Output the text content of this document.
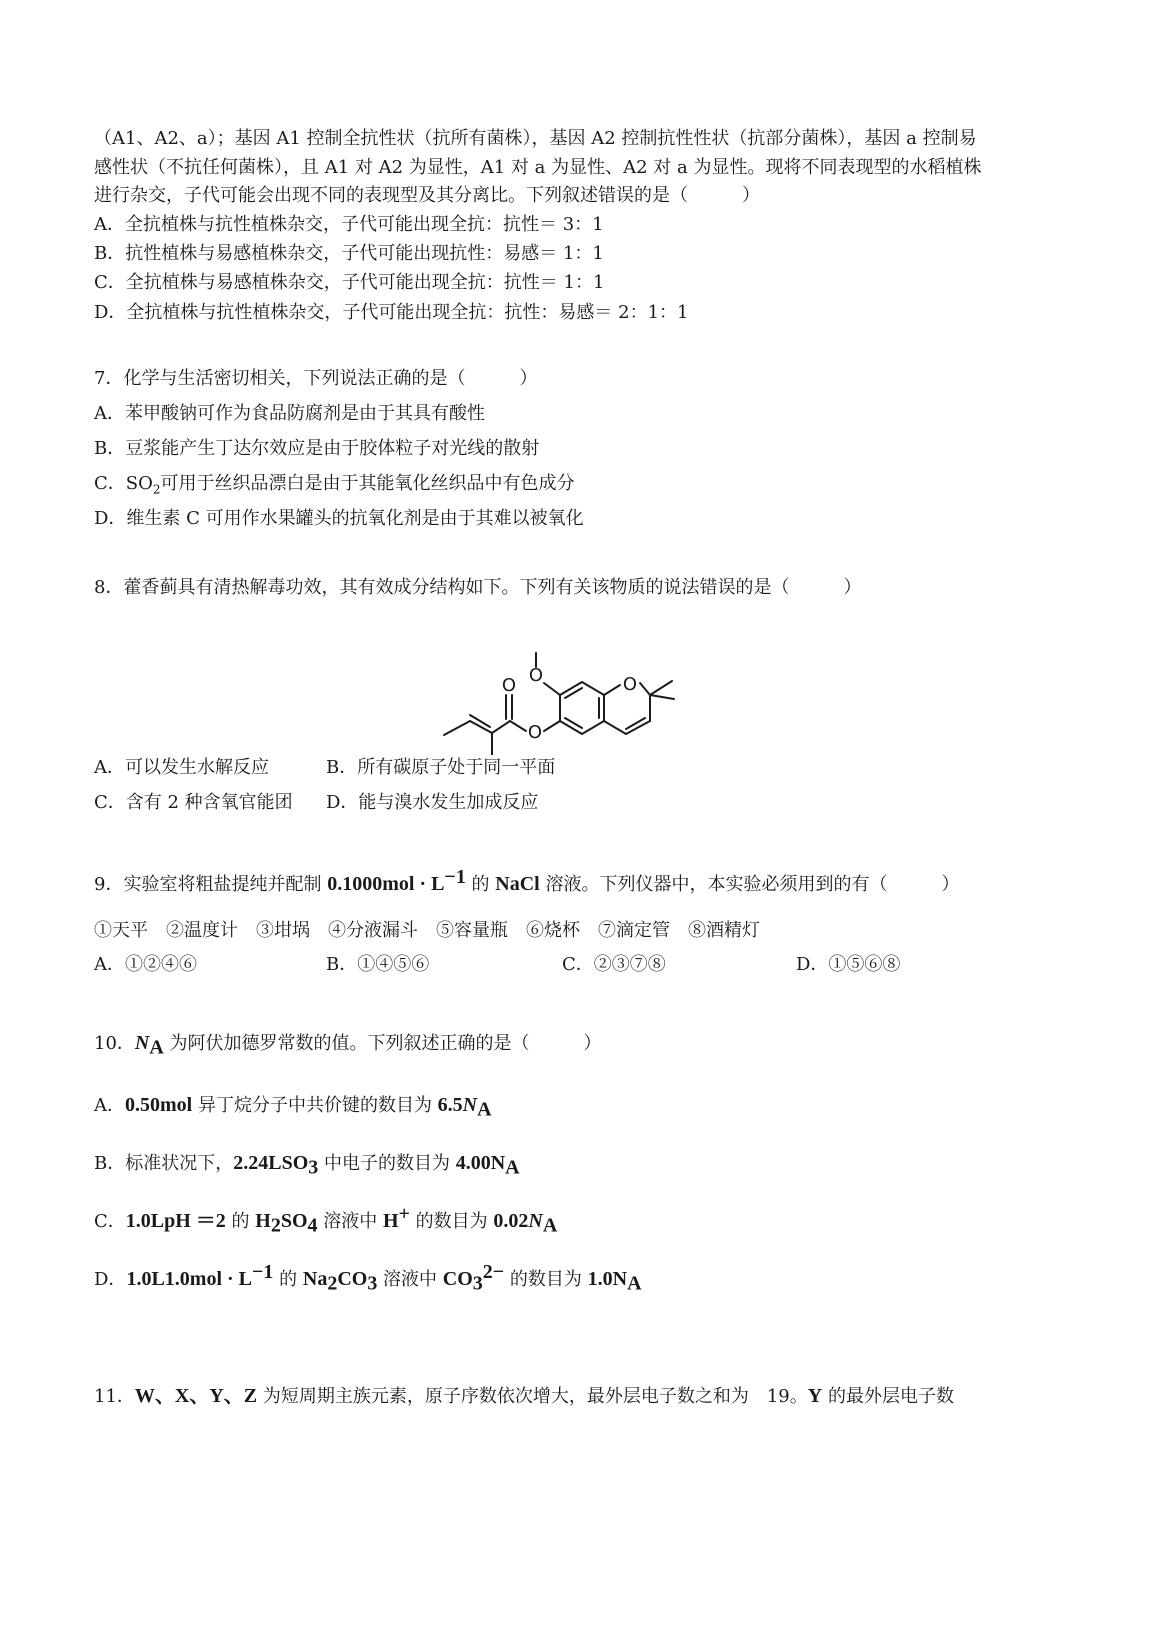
（A1、A2、a）；基因 A1 控制全抗性状（抗所有菌株），基因 A2 控制抗性性状（抗部分菌株），基因 a 控制易
感性状（不抗任何菌株），且 A1 对 A2 为显性，A1 对 a 为显性、A2 对 a 为显性。现将不同表现型的水稻植株
进行杂交，子代可能会出现不同的表现型及其分离比。下列叙述错误的是（　　　）
A．全抗植株与抗性植株杂交，子代可能出现全抗：抗性＝ 3：1
B．抗性植株与易感植株杂交，子代可能出现抗性：易感＝ 1：1
C．全抗植株与易感植株杂交，子代可能出现全抗：抗性＝ 1：1
D．全抗植株与抗性植株杂交，子代可能出现全抗：抗性：易感＝ 2：1：1
7．化学与生活密切相关，下列说法正确的是（　　　）
A．苯甲酸钠可作为食品防腐剂是由于其具有酸性
B．豆浆能产生丁达尔效应是由于胶体粒子对光线的散射
C．$SO_2$可用于丝织品漂白是由于其能氧化丝织品中有色成分
D．维生素 C 可用作水果罐头的抗氧化剂是由于其难以被氧化
8．藿香蓟具有清热解毒功效，其有效成分结构如下。下列有关该物质的说法错误的是（　　　）
O
O
O
O
A．可以发生水解反应	B．所有碳原子处于同一平面
C．含有 2 种含氧官能团 D．能与溴水发生加成反应
9．实验室将粗盐提纯并配制 $0.1000mol \cdot L^{-1}$ 的 NaCl 溶液。下列仪器中，本实验必须用到的有（　　　）
①天平　②温度计　③坩埚　④分液漏斗　⑤容量瓶　⑥烧杯　⑦滴定管　⑧酒精灯
A．①②④⑥	B．①④⑤⑥	C．②③⑦⑧	D．①⑤⑥⑧
10．$N_A$ 为阿伏加德罗常数的值。下列叙述正确的是（　　　）
A．0.50mol 异丁烷分子中共价键的数目为 $6.5N_A$
B．标准状况下，$2.24LSO_3$ 中电子的数目为 $4.00N_A$
C．1.0LpH ＝2 的 $H_2SO_4$ 溶液中 H+ 的数目为 $0.02N_A$
D．$1.0L1.0mol \cdot L^{-1}$ 的 $Na_2CO_3$ 溶液中 $CO_3^{2-}$ 的数目为 $1.0N_A$
11．W、X、Y、Z 为短周期主族元素，原子序数依次增大，最外层电子数之和为　19。Y 的最外层电子数
